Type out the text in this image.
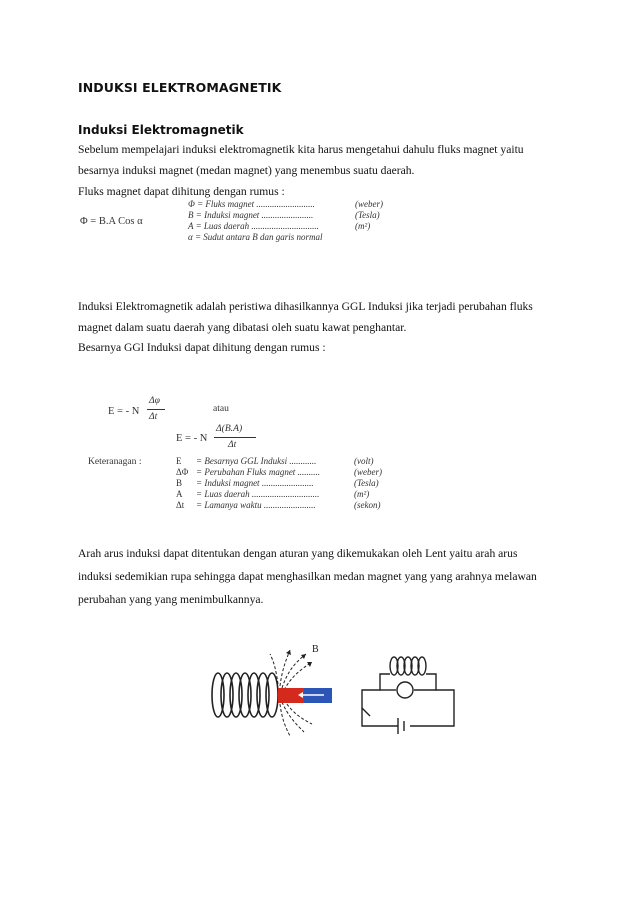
INDUKSI ELEKTROMAGNETIK
Induksi Elektromagnetik
Sebelum mempelajari induksi elektromagnetik kita harus mengetahui dahulu fluks magnet yaitu
besarnya induksi magnet (medan magnet) yang menembus suatu daerah.
Fluks magnet dapat dihitung dengan rumus :
Φ = B.A Cos α
Φ = Fluks magnet ..........................	(weber)
B = Induksi magnet .......................	(Tesla)
A = Luas daerah ..............................	(m²)
α = Sudut antara B dan garis normal
Induksi Elektromagnetik adalah peristiwa dihasilkannya GGL Induksi jika terjadi perubahan fluks
magnet dalam suatu daerah yang dibatasi oleh suatu kawat penghantar.
Besarnya GGl Induksi dapat dihitung dengan rumus :
E = - N
Δφ
Δt
atau
E = - N
Δ(B.A)
Δt
Keteranagan :	E = Besarnya GGL Induksi ............	(volt)
ΔΦ = Perubahan Fluks magnet ..........	(weber)
B = Induksi magnet .......................	(Tesla)
A = Luas daerah ..............................	(m²)
Δt = Lamanya waktu .......................	(sekon)
Arah arus induksi dapat ditentukan dengan aturan yang dikemukakan oleh Lent yaitu arah arus
induksi sedemikian rupa sehingga dapat menghasilkan medan magnet yang yang arahnya melawan
perubahan yang yang menimbulkannya.
B
